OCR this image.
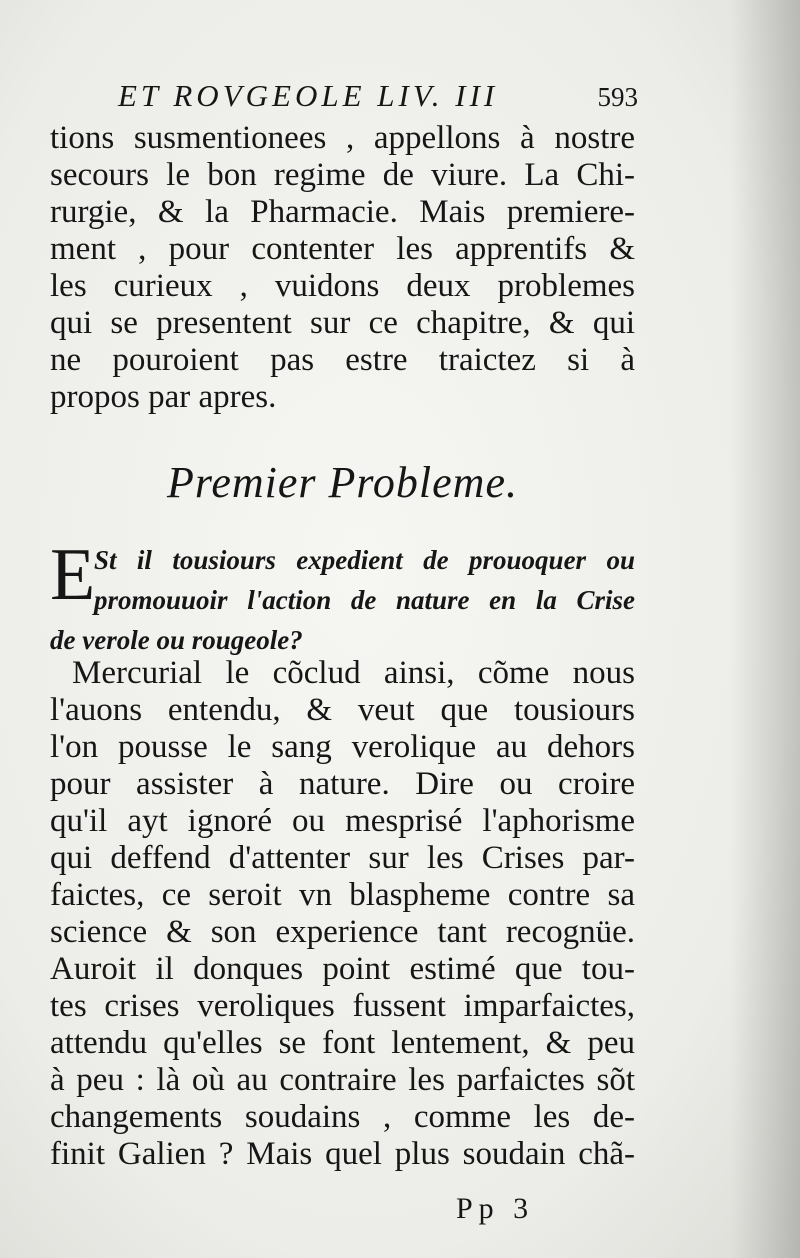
ET ROVGEOLE LIV. III	593
tions susmentionees , appellons à nostre
secours le bon regime de viure. La Chi-
rurgie, & la Pharmacie. Mais premiere-
ment , pour contenter les apprentifs &
les curieux , vuidons deux problemes
qui se presentent sur ce chapitre, & qui
ne pouroient pas estre traictez si à
propos par apres.
Premier Probleme.
E
St il tousiours expedient de prouoquer ou
promouuoir l'action de nature en la Crise
de verole ou rougeole?
Mercurial le cõclud ainsi, cõme nous
l'auons entendu, & veut que tousiours
l'on pousse le sang verolique au dehors
pour assister à nature. Dire ou croire
qu'il ayt ignoré ou mesprisé l'aphorisme
qui deffend d'attenter sur les Crises par-
faictes, ce seroit vn blaspheme contre sa
science & son experience tant recognüe.
Auroit il donques point estimé que tou-
tes crises veroliques fussent imparfaictes,
attendu qu'elles se font lentement, & peu
à peu : là où au contraire les parfaictes sõt
changements soudains , comme les de-
finit Galien ? Mais quel plus soudain chã-
Pp 3
